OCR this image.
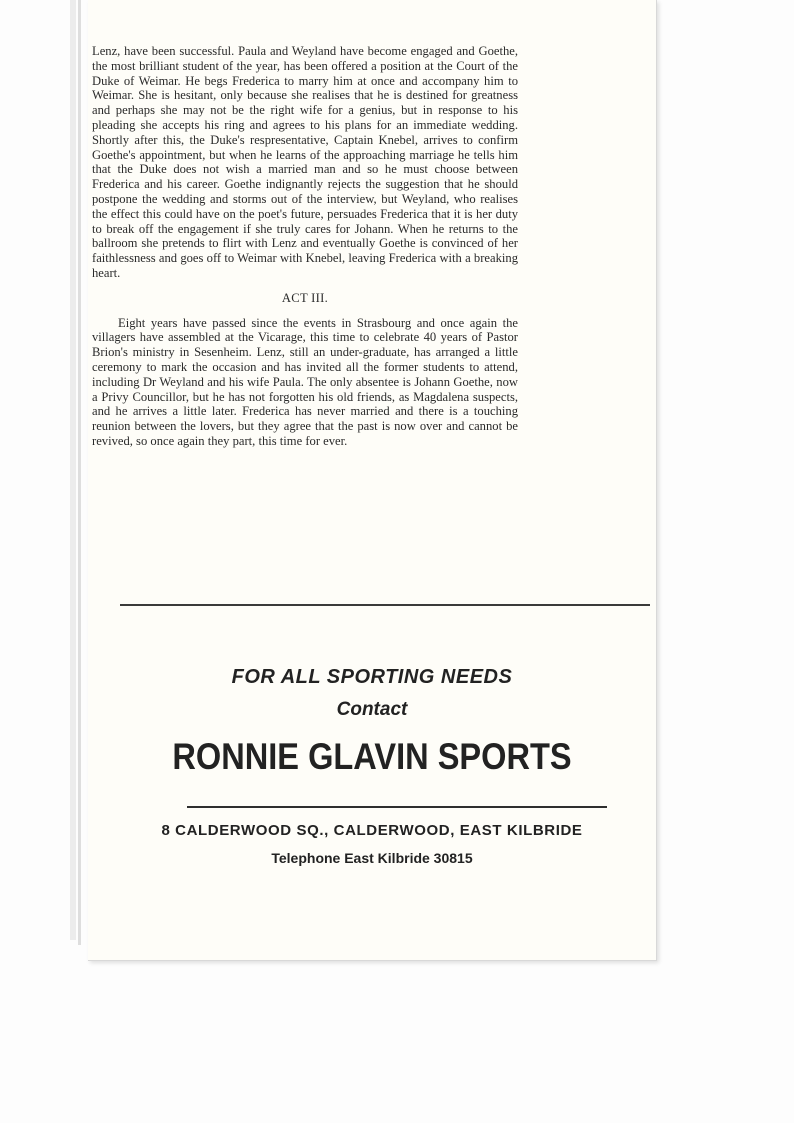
Lenz, have been successful. Paula and Weyland have become engaged and Goethe, the most brilliant student of the year, has been offered a position at the Court of the Duke of Weimar. He begs Frederica to marry him at once and accompany him to Weimar. She is hesitant, only because she realises that he is destined for greatness and perhaps she may not be the right wife for a genius, but in response to his pleading she accepts his ring and agrees to his plans for an immediate wedding. Shortly after this, the Duke's respresentative, Captain Knebel, arrives to confirm Goethe's appointment, but when he learns of the approaching marriage he tells him that the Duke does not wish a married man and so he must choose between Frederica and his career. Goethe indignantly rejects the suggestion that he should postpone the wedding and storms out of the interview, but Weyland, who realises the effect this could have on the poet's future, persuades Frederica that it is her duty to break off the engagement if she truly cares for Johann. When he returns to the ballroom she pretends to flirt with Lenz and eventually Goethe is convinced of her faithlessness and goes off to Weimar with Knebel, leaving Frederica with a breaking heart.

ACT III.

Eight years have passed since the events in Strasbourg and once again the villagers have assembled at the Vicarage, this time to celebrate 40 years of Pastor Brion's ministry in Sesenheim. Lenz, still an under-graduate, has arranged a little ceremony to mark the occasion and has invited all the former students to attend, including Dr Weyland and his wife Paula. The only absentee is Johann Goethe, now a Privy Councillor, but he has not forgotten his old friends, as Magdalena suspects, and he arrives a little later. Frederica has never married and there is a touching reunion between the lovers, but they agree that the past is now over and cannot be revived, so once again they part, this time for ever.

FOR ALL SPORTING NEEDS
Contact
RONNIE GLAVIN SPORTS
8 CALDERWOOD SQ., CALDERWOOD, EAST KILBRIDE
Telephone East Kilbride 30815
